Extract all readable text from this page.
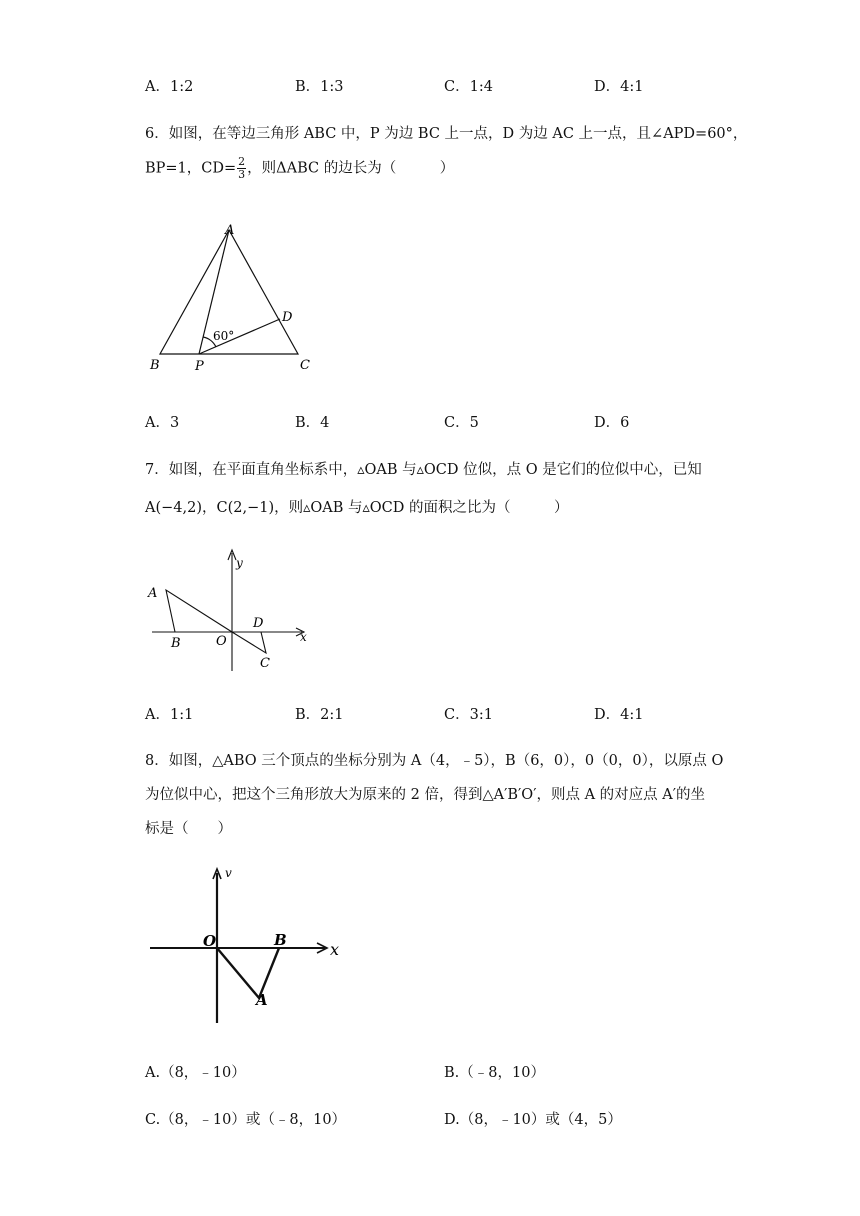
A．1:2	B．1:3	C．1:4	D．4:1
6．如图，在等边三角形 ABC 中，P 为边 BC 上一点，D 为边 AC 上一点，且∠APD=60°，
BP=1，$CD= \frac{2}{3}$ ，则ΔABC 的边长为（　　　）
A
B	P	C
D
60°
A．3	B．4	C．5	D．6
7．如图，在平面直角坐标系中，▵OAB 与▵OCD 位似，点 O 是它们的位似中心，已知
A(−4,2)，C(2,−1)，则▵OAB 与▵OCD 的面积之比为（　　　）
A
B	O
D
C
x
y
A．1:1	B．2:1	C．3:1	D．4:1
8．如图，△ABO 三个顶点的坐标分别为 A（4，﹣5），B（6，0），0（0，0），以原点 O
为位似中心，把这个三角形放大为原来的 2 倍，得到△A′B′O′，则点 A 的对应点 A′的坐
标是（　　）
O	B
A
x
v
A.（8，﹣10）	B.（﹣8，10）
C.（8，﹣10）或（﹣8，10）	D.（8，﹣10）或（4，5）
